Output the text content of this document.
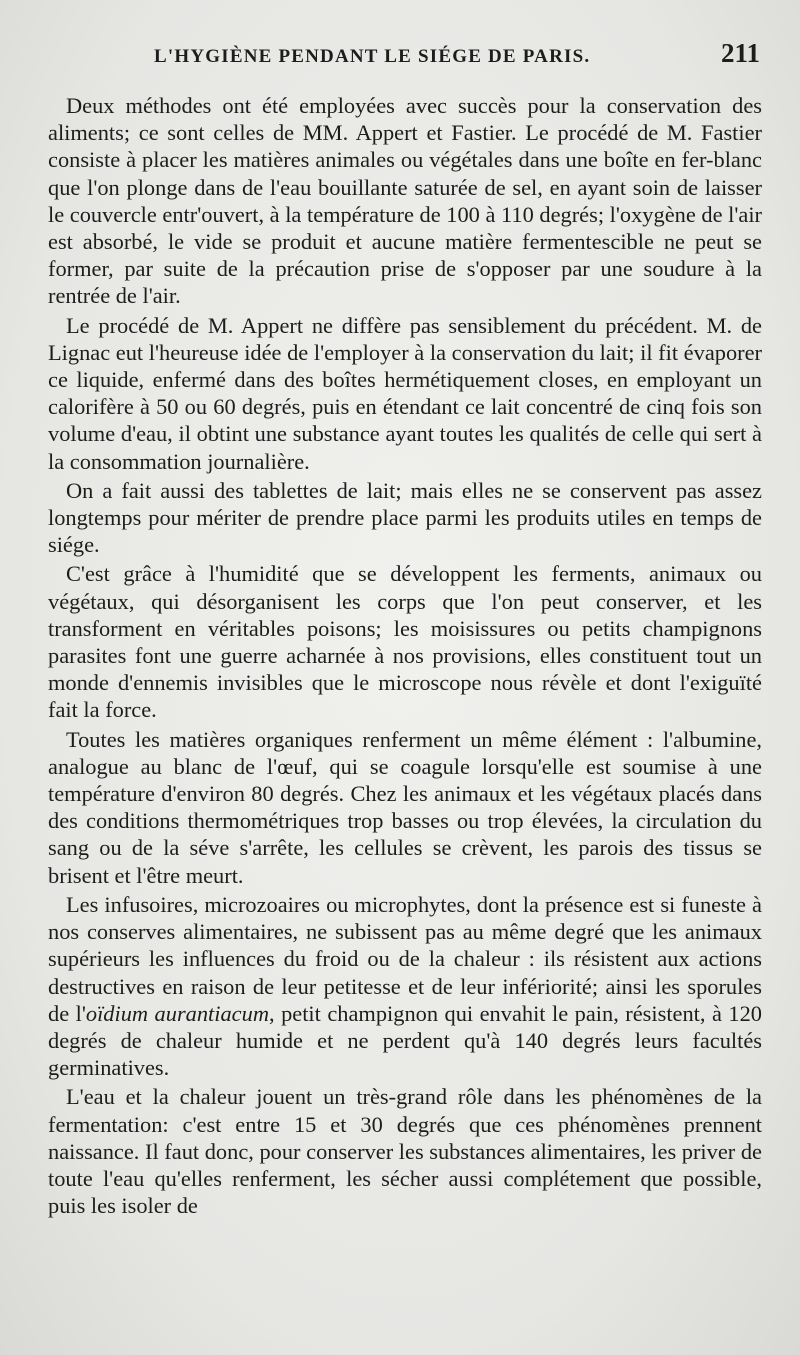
L'HYGIÈNE PENDANT LE SIÉGE DE PARIS.	211

Deux méthodes ont été employées avec succès pour la conservation des aliments; ce sont celles de MM. Appert et Fastier. Le procédé de M. Fastier consiste à placer les matières animales ou végétales dans une boîte en fer-blanc que l'on plonge dans de l'eau bouillante saturée de sel, en ayant soin de laisser le couvercle entr'ouvert, à la température de 100 à 110 degrés; l'oxygène de l'air est absorbé, le vide se produit et aucune matière fermentescible ne peut se former, par suite de la précaution prise de s'opposer par une soudure à la rentrée de l'air.

Le procédé de M. Appert ne diffère pas sensiblement du précédent. M. de Lignac eut l'heureuse idée de l'employer à la conservation du lait; il fit évaporer ce liquide, enfermé dans des boîtes hermétiquement closes, en employant un calorifère à 50 ou 60 degrés, puis en étendant ce lait concentré de cinq fois son volume d'eau, il obtint une substance ayant toutes les qualités de celle qui sert à la consommation journalière.

On a fait aussi des tablettes de lait; mais elles ne se conservent pas assez longtemps pour mériter de prendre place parmi les produits utiles en temps de siége.

C'est grâce à l'humidité que se développent les ferments, animaux ou végétaux, qui désorganisent les corps que l'on peut conserver, et les transforment en véritables poisons; les moisissures ou petits champignons parasites font une guerre acharnée à nos provisions, elles constituent tout un monde d'ennemis invisibles que le microscope nous révèle et dont l'exiguïté fait la force.

Toutes les matières organiques renferment un même élément : l'albumine, analogue au blanc de l'œuf, qui se coagule lorsqu'elle est soumise à une température d'environ 80 degrés. Chez les animaux et les végétaux placés dans des conditions thermométriques trop basses ou trop élevées, la circulation du sang ou de la séve s'arrête, les cellules se crèvent, les parois des tissus se brisent et l'être meurt.

Les infusoires, microzoaires ou microphytes, dont la présence est si funeste à nos conserves alimentaires, ne subissent pas au même degré que les animaux supérieurs les influences du froid ou de la chaleur : ils résistent aux actions destructives en raison de leur petitesse et de leur infériorité; ainsi les sporules de l'oïdium aurantiacum, petit champignon qui envahit le pain, résistent, à 120 degrés de chaleur humide et ne perdent qu'à 140 degrés leurs facultés germinatives.

L'eau et la chaleur jouent un très-grand rôle dans les phénomènes de la fermentation: c'est entre 15 et 30 degrés que ces phénomènes prennent naissance. Il faut donc, pour conserver les substances alimentaires, les priver de toute l'eau qu'elles renferment, les sécher aussi complétement que possible, puis les isoler de
